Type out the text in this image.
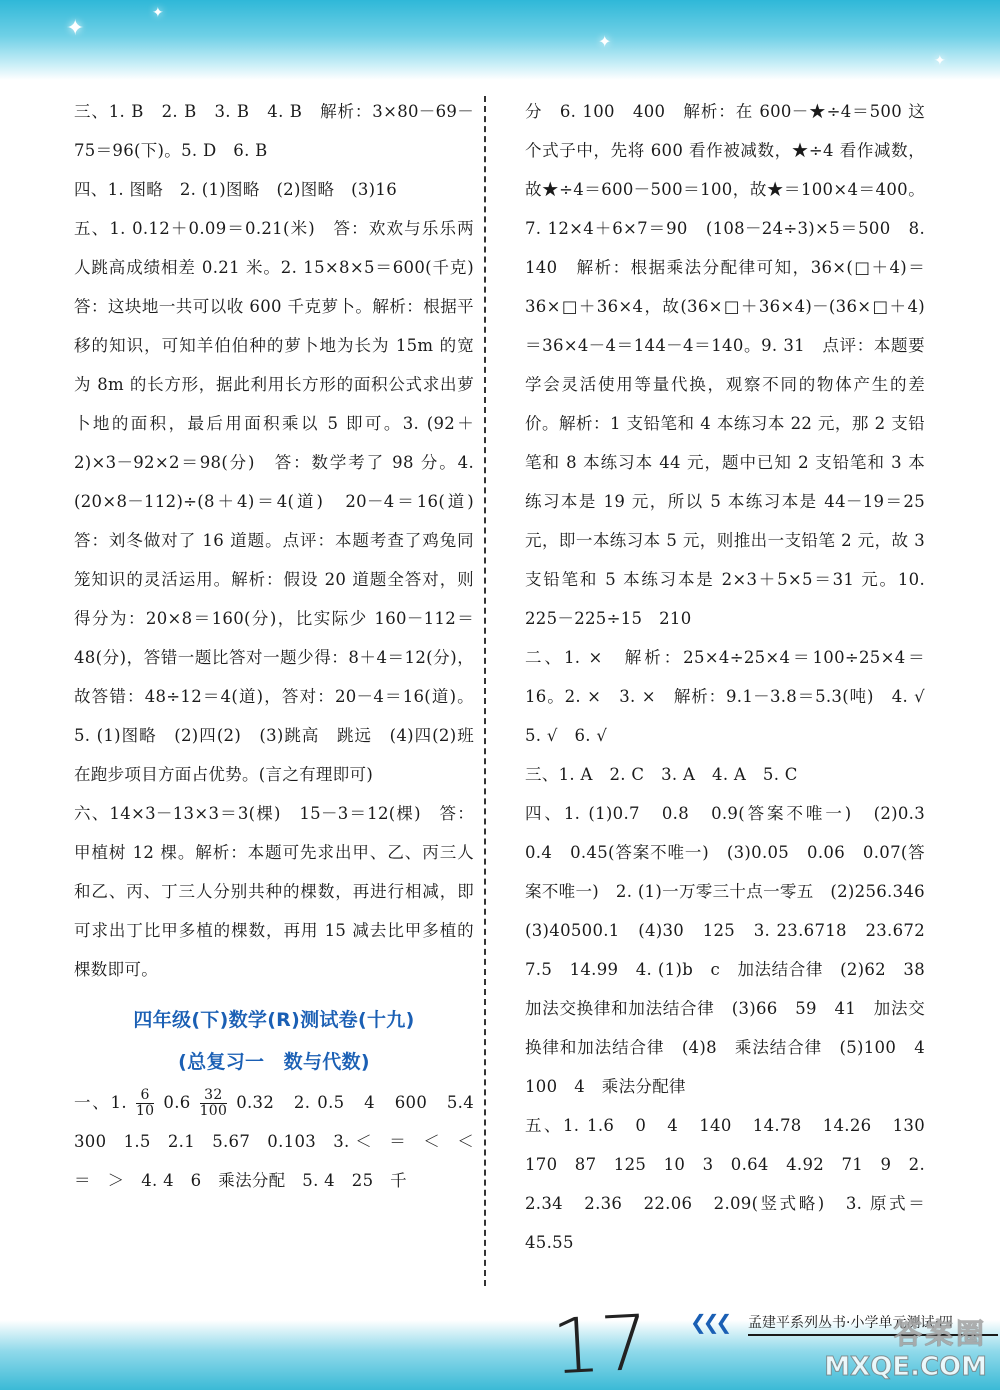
✦
✦
✦
✦
三、1. B　2. B　3. B　4. B　解析：3×80－69－75＝96(下)。5. D　6. B
四、1. 图略　2. (1)图略　(2)图略　(3)16
五、1. 0.12＋0.09＝0.21(米)　答：欢欢与乐乐两人跳高成绩相差 0.21 米。2. 15×8×5＝600(千克)　答：这块地一共可以收 600 千克萝卜。解析：根据平移的知识，可知羊伯伯种的萝卜地为长为 15m 的宽为 8m 的长方形，据此利用长方形的面积公式求出萝卜地的面积，最后用面积乘以 5 即可。3. (92＋2)×3－92×2＝98(分)　答：数学考了 98 分。4. (20×8－112)÷(8＋4)＝4(道)　20－4＝16(道)　答：刘冬做对了 16 道题。点评：本题考查了鸡兔同笼知识的灵活运用。解析：假设 20 道题全答对，则得分为：20×8＝160(分)，比实际少 160－112＝48(分)，答错一题比答对一题少得：8＋4＝12(分)，故答错：48÷12＝4(道)，答对：20－4＝16(道)。5. (1)图略　(2)四(2)　(3)跳高　跳远　(4)四(2)班在跑步项目方面占优势。(言之有理即可)
六、14×3－13×3＝3(棵)　15－3＝12(棵)　答：甲植树 12 棵。解析：本题可先求出甲、乙、丙三人和乙、丙、丁三人分别共种的棵数，再进行相减，即可求出丁比甲多植的棵数，再用 15 减去比甲多植的棵数即可。
四年级(下)数学(R)测试卷(十九)
(总复习一　数与代数)
一、1. $\frac{6}{10} 0.6 \frac{32}{100} 0.32$　2. 0.5　4　600　5.4　300　1.5　2.1　5.67　0.103　3. ＜　＝　＜　＜　＝　＞　4. 4　6　乘法分配　5. 4　25　千
分　6. 100　400　解析：在 600－★÷4＝500 这个式子中，先将 600 看作被减数，★÷4 看作减数，故★÷4＝600－500＝100，故★＝100×4＝400。7. 12×4＋6×7＝90　(108－24÷3)×5＝500　8. 140　解析：根据乘法分配律可知，36×(□＋4)＝36×□＋36×4，故(36×□＋36×4)－(36×□＋4)＝36×4－4＝144－4＝140。9. 31　点评：本题要学会灵活使用等量代换，观察不同的物体产生的差价。解析：1 支铅笔和 4 本练习本 22 元，那 2 支铅笔和 8 本练习本 44 元，题中已知 2 支铅笔和 3 本练习本是 19 元，所以 5 本练习本是 44－19＝25 元，即一本练习本 5 元，则推出一支铅笔 2 元，故 3 支铅笔和 5 本练习本是 2×3＋5×5＝31 元。10. 225－225÷15　210
二、1. ×　解析：25×4÷25×4＝100÷25×4＝16。2. ×　3. ×　解析：9.1－3.8＝5.3(吨)　4. √　5. √　6. √
三、1. A　2. C　3. A　4. A　5. C
四、1. (1)0.7　0.8　0.9(答案不唯一)　(2)0.3　0.4　0.45(答案不唯一)　(3)0.05　0.06　0.07(答案不唯一)　2. (1)一万零三十点一零五　(2)256.346　(3)40500.1　(4)30　125　3. 23.6718　23.672　7.5　14.99　4. (1)b　c　加法结合律　(2)62　38　加法交换律和加法结合律　(3)66　59　41　加法交换律和加法结合律　(4)8　乘法结合律　(5)100　4　100　4　乘法分配律
五、1. 1.6　0　4　140　14.78　14.26　130　170　87　125　10　3　0.64　4.92　71　9　2. 2.34　2.36　22.06　2.09(竖式略)　3. 原式＝45.55
17 ❮❮❮ 孟建平系列丛书·小学单元测试·四
答案圈
MXQE.COM
